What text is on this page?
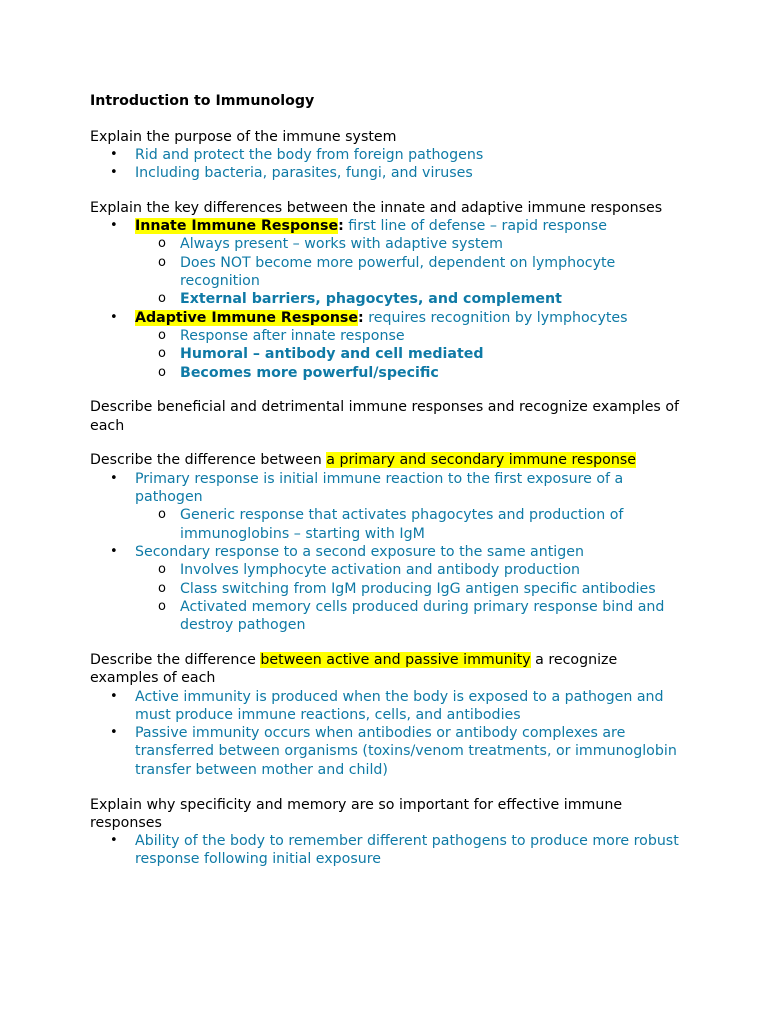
Introduction to Immunology

Explain the purpose of the immune system

• Rid and protect the body from foreign pathogens
• Including bacteria, parasites, fungi, and viruses

Explain the key differences between the innate and adaptive immune responses

• Innate Immune Response: first line of defense – rapid response
o Always present – works with adaptive system
o Does NOT become more powerful, dependent on lymphocyte recognition
o External barriers, phagocytes, and complement
• Adaptive Immune Response: requires recognition by lymphocytes
o Response after innate response
o Humoral – antibody and cell mediated
o Becomes more powerful/specific

Describe beneficial and detrimental immune responses and recognize examples of each

Describe the difference between a primary and secondary immune response

• Primary response is initial immune reaction to the first exposure of a pathogen
o Generic response that activates phagocytes and production of immunoglobins – starting with IgM
• Secondary response to a second exposure to the same antigen
o Involves lymphocyte activation and antibody production
o Class switching from IgM producing IgG antigen specific antibodies
o Activated memory cells produced during primary response bind and destroy pathogen

Describe the difference between active and passive immunity a recognize examples of each

• Active immunity is produced when the body is exposed to a pathogen and must produce immune reactions, cells, and antibodies
• Passive immunity occurs when antibodies or antibody complexes are transferred between organisms (toxins/venom treatments, or immunoglobin transfer between mother and child)

Explain why specificity and memory are so important for effective immune responses

• Ability of the body to remember different pathogens to produce more robust response following initial exposure
